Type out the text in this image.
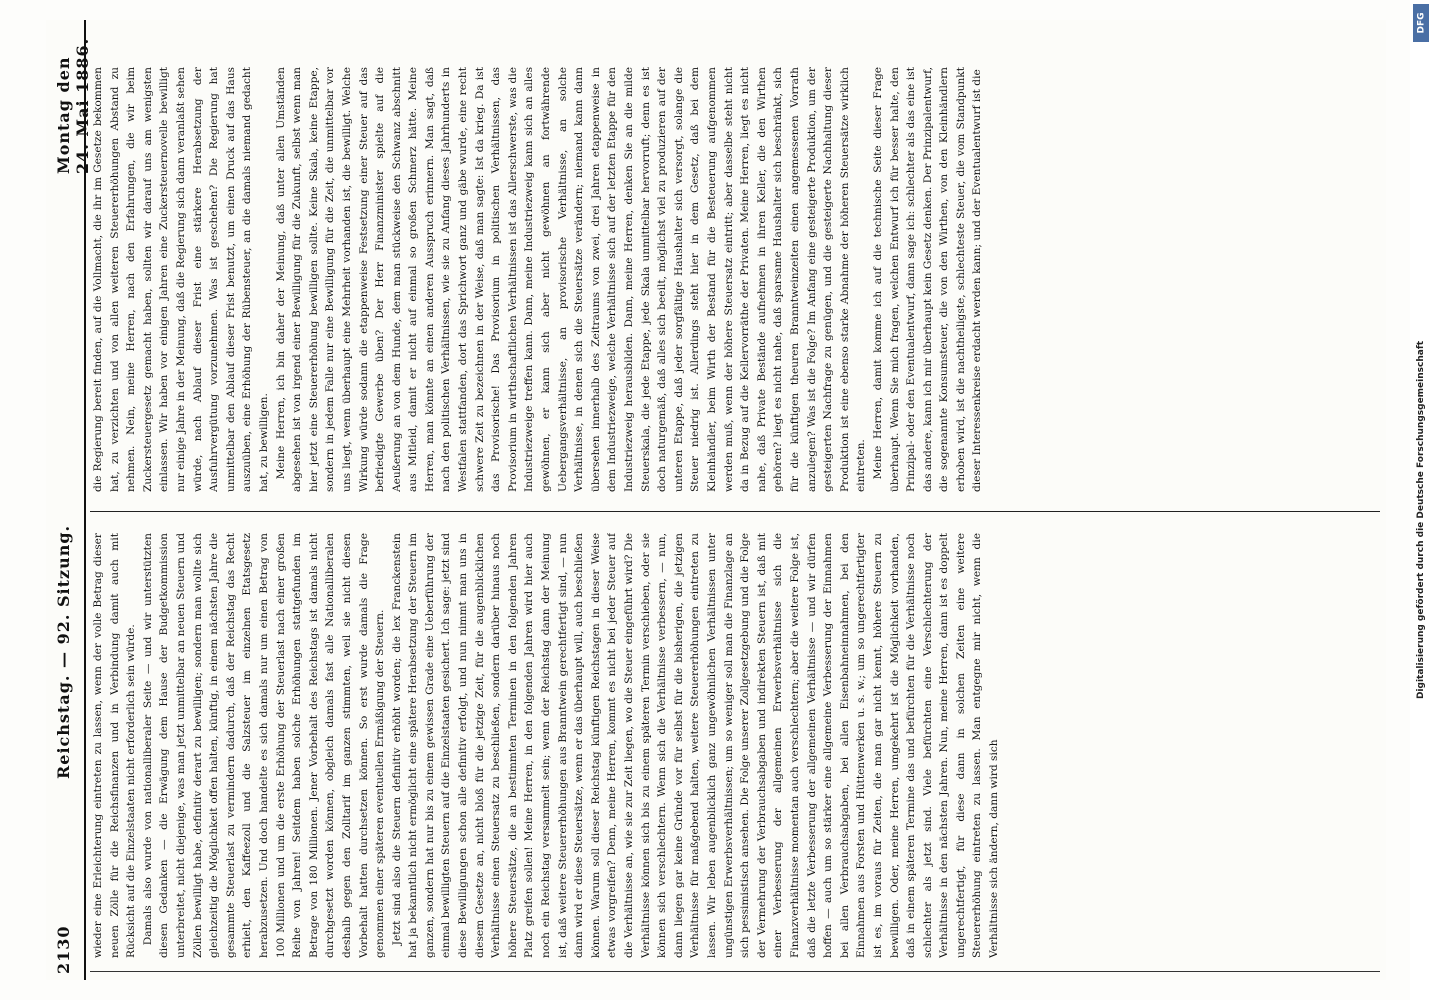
2130
Reichstag. — 92. Sitzung.
Montag den 24. Mai 1886.

wieder eine Erleichterung eintreten zu lassen, wenn der volle Betrag dieser neuen Zölle für die Reichsfinanzen und in Verbindung damit auch mit Rücksicht auf die Einzelstaaten nicht erforderlich sein würde. Damals also wurde von nationalliberaler Seite — und wir unterstützten diesen Gedanken — die Erwägung dem Hause der Budgetkommission unterbreitet, nicht diejenige, was man jetzt unmittelbar an neuen Steuern und Zöllen bewilligt habe, definitiv derart zu bewilligen; sondern man wollte sich gleichzeitig die Möglichkeit offen halten, künftig, in einem nächsten Jahre die gesammte Steuerlast zu vermindern dadurch, daß der Reichstag das Recht erhielt, den Kaffeezoll und die Salzsteuer im einzelnen Etatsgesetz herabzusetzen. Und doch handelte es sich damals nur um einen Betrag von 100 Millionen und um die erste Erhöhung der Steuerlast nach einer großen Reihe von Jahren! Seitdem haben solche Erhöhungen stattgefunden im Betrage von 180 Millionen. Jener Vorbehalt des Reichstags ist damals nicht durchgesetzt worden können, obgleich damals fast alle Nationalliberalen deshalb gegen den Zolltarif im ganzen stimmten, weil sie nicht diesen Vorbehalt hatten durchsetzen können. So erst wurde damals die Frage genommen einer späteren eventuellen Ermäßigung der Steuern. Jetzt sind also die Steuern definitiv erhöht worden; die lex Franckenstein hat ja bekanntlich nicht ermöglicht eine spätere Herabsetzung der Steuern im ganzen, sondern hat nur bis zu einem gewissen Grade eine Ueberführung der einmal bewilligten Steuern auf die Einzelstaaten gesichert. Ich sage: jetzt sind diese Bewilligungen schon alle definitiv erfolgt, und nun nimmt man uns in diesem Gesetze an, nicht bloß für die jetzige Zeit, für die augenblicklichen Verhältnisse einen Steuersatz zu beschließen, sondern darüber hinaus noch höhere Steuersätze, die an bestimmten Terminen in den folgenden Jahren Platz greifen sollen! Meine Herren, in den folgenden Jahren wird hier auch noch ein Reichstag versammelt sein; wenn der Reichstag dann der Meinung ist, daß weitere Steuererhöhungen aus Branntwein gerechtfertigt sind, — nun dann wird er diese Steuersätze, wenn er das überhaupt will, auch beschließen können. Warum soll dieser Reichstag künftigen Reichstagen in dieser Weise etwas vorgreifen? Denn, meine Herren, kommt es nicht bei jeder Steuer auf die Verhältnisse an, wie sie zur Zeit liegen, wo die Steuer eingeführt wird? Die Verhältnisse können sich bis zu einem späteren Termin verschieben, oder sie können sich verschlechtern. Wenn sich die Verhältnisse verbessern, — nun, dann liegen gar keine Gründe vor für selbst für die bisherigen, die jetzigen Verhältnisse für maßgebend halten, weitere Steuererhöhungen eintreten zu lassen. Wir leben augenblicklich ganz ungewöhnlichen Verhältnissen unter ungünstigen Erwerbsverhältnissen; um so weniger soll man die Finanzlage an sich pessimistisch ansehen. Die Folge unserer Zollgesetzgebung und die Folge der Vermehrung der Verbrauchsabgaben und indirekten Steuern ist, daß mit einer Verbesserung der allgemeinen Erwerbsverhältnisse sich die Finanzverhältnisse momentan auch verschlechtern; aber die weitere Folge ist, daß die letzte Verbesserung der allgemeinen Verhältnisse — und wir dürfen hoffen — auch um so stärker eine allgemeine Verbesserung der Einnahmen bei allen Verbrauchsabgaben, bei allen Eisenbahneinnahmen, bei den Einnahmen aus Forsten und Hüttenwerken u. s. w.; um so ungerechtfertigter ist es, im voraus für Zeiten, die man gar nicht kennt, höhere Steuern zu bewilligen. Oder, meine Herren, umgekehrt ist die Möglichkeit vorhanden, daß in einem späteren Termine das und befürchten für die Verhältnisse noch schlechter als jetzt sind. Viele befürchten eine Verschlechterung der Verhältnisse in den nächsten Jahren. Nun, meine Herren, dann ist es doppelt ungerechtfertigt, für diese dann in solchen Zeiten eine weitere Steuererhöhung eintreten zu lassen. Man entgegne mir nicht, wenn die Verhältnisse sich ändern, dann wird sich

die Regierung bereit finden, auf die Vollmacht, die ihr im Gesetze bekommen hat, zu verzichten und von allen weiteren Steuererhöhungen Abstand zu nehmen. Nein, meine Herren, nach den Erfahrungen, die wir beim Zuckersteuergesetz gemacht haben, sollten wir darauf uns am wenigsten einlassen. Wir haben vor einigen Jahren eine Zuckersteuernovelle bewilligt nur einige Jahre in der Meinung, daß die Regierung sich dann veranlaßt sehen würde, nach Ablauf dieser Frist eine stärkere Herabsetzung der Ausfuhrvergütung vorzunehmen. Was ist geschehen? Die Regierung hat unmittelbar den Ablauf dieser Frist benutzt, um einen Druck auf das Haus auszuüben, eine Erhöhung der Rübensteuer, an die damals niemand gedacht hat, zu bewilligen. Meine Herren, ich bin daher der Meinung, daß unter allen Umständen abgesehen ist von irgend einer Bewilligung für die Zukunft, selbst wenn man hier jetzt eine Steuererhöhung bewilligen sollte. Keine Skala, keine Etappe, sondern in jedem Falle nur eine Bewilligung für die Zeit, die unmittelbar vor uns liegt, wenn überhaupt eine Mehrheit vorhanden ist, die bewilligt. Welche Wirkung würde sodann die etappenweise Festsetzung einer Steuer auf das befriedigte Gewerbe üben? Der Herr Finanzminister spielte auf die Aeußerung an von dem Hunde, dem man stückweise den Schwanz abschnitt aus Mitleid, damit er nicht auf einmal so großen Schmerz hätte. Meine Herren, man könnte an einen anderen Ausspruch erinnern. Man sagt, daß nach den politischen Verhältnissen, wie sie zu Anfang dieses Jahrhunderts in Westfalen stattfanden, dort das Sprichwort ganz und gäbe wurde, eine recht schwere Zeit zu bezeichnen in der Weise, daß man sagte: Ist da krieg. Da ist das Provisorische! Das Provisorium in politischen Verhältnissen, das Provisorium in wirthschaftlichen Verhältnissen ist das Allerschwerste, was die Industriezweige treffen kann. Dann, meine Industriezweig kann sich an alles gewöhnen, er kann sich aber nicht gewöhnen an fortwährende Uebergangsverhältnisse, an provisorische Verhältnisse, an solche Verhältnisse, in denen sich die Steuersätze verändern; niemand kann dann übersehen innerhalb des Zeitraums von zwei, drei Jahren etappenweise in dem Industriezweige, welche Verhältnisse sich auf der letzten Etappe für den Industriezweig herausbilden. Dann, meine Herren, denken Sie an die milde Steuerskala, die jede Etappe, jede Skala unmittelbar hervorruft; denn es ist doch naturgemäß, daß alles sich beeilt, möglichst viel zu produzieren auf der unteren Etappe, daß jeder sorgfältige Haushalter sich versorgt, solange die Steuer niedrig ist. Allerdings steht hier in dem Gesetz, daß bei dem Kleinhändler, beim Wirth der Bestand für die Besteuerung aufgenommen werden muß, wenn der höhere Steuersatz eintritt; aber dasselbe steht nicht da in Bezug auf die Kellervorräthe der Privaten. Meine Herren, liegt es nicht nahe, daß Private Bestände aufnehmen in ihren Keller, die den Wirthen gehören? liegt es nicht nahe, daß sparsame Haushalter sich beschränkt, sich für die künftigen theuren Branntweinzeiten einen angemessenen Vorrath anzulegen? Was ist die Folge? Im Anfang eine gesteigerte Produktion, um der gesteigerten Nachfrage zu genügen, und die gesteigerte Nachhaltung dieser Produktion ist eine ebenso starke Abnahme der höheren Steuersätze wirklich eintreten. Meine Herren, damit komme ich auf die technische Seite dieser Frage überhaupt. Wenn Sie mich fragen, welchen Entwurf ich für besser halte, den Prinzipal- oder den Eventualentwurf, dann sage ich: schlechter als das eine ist das andere, kann ich mir überhaupt kein Gesetz denken. Der Prinzipalentwurf, die sogenannte Konsumsteuer, die von den Wirthen, von den Kleinhändlern erhoben wird, ist die nachtheiligste, schlechteste Steuer, die vom Standpunkt dieser Interessenkreise erdacht werden kann; und der Eventualentwurf ist die

DFG
Digitalisierung gefördert durch die Deutsche Forschungsgemeinschaft
